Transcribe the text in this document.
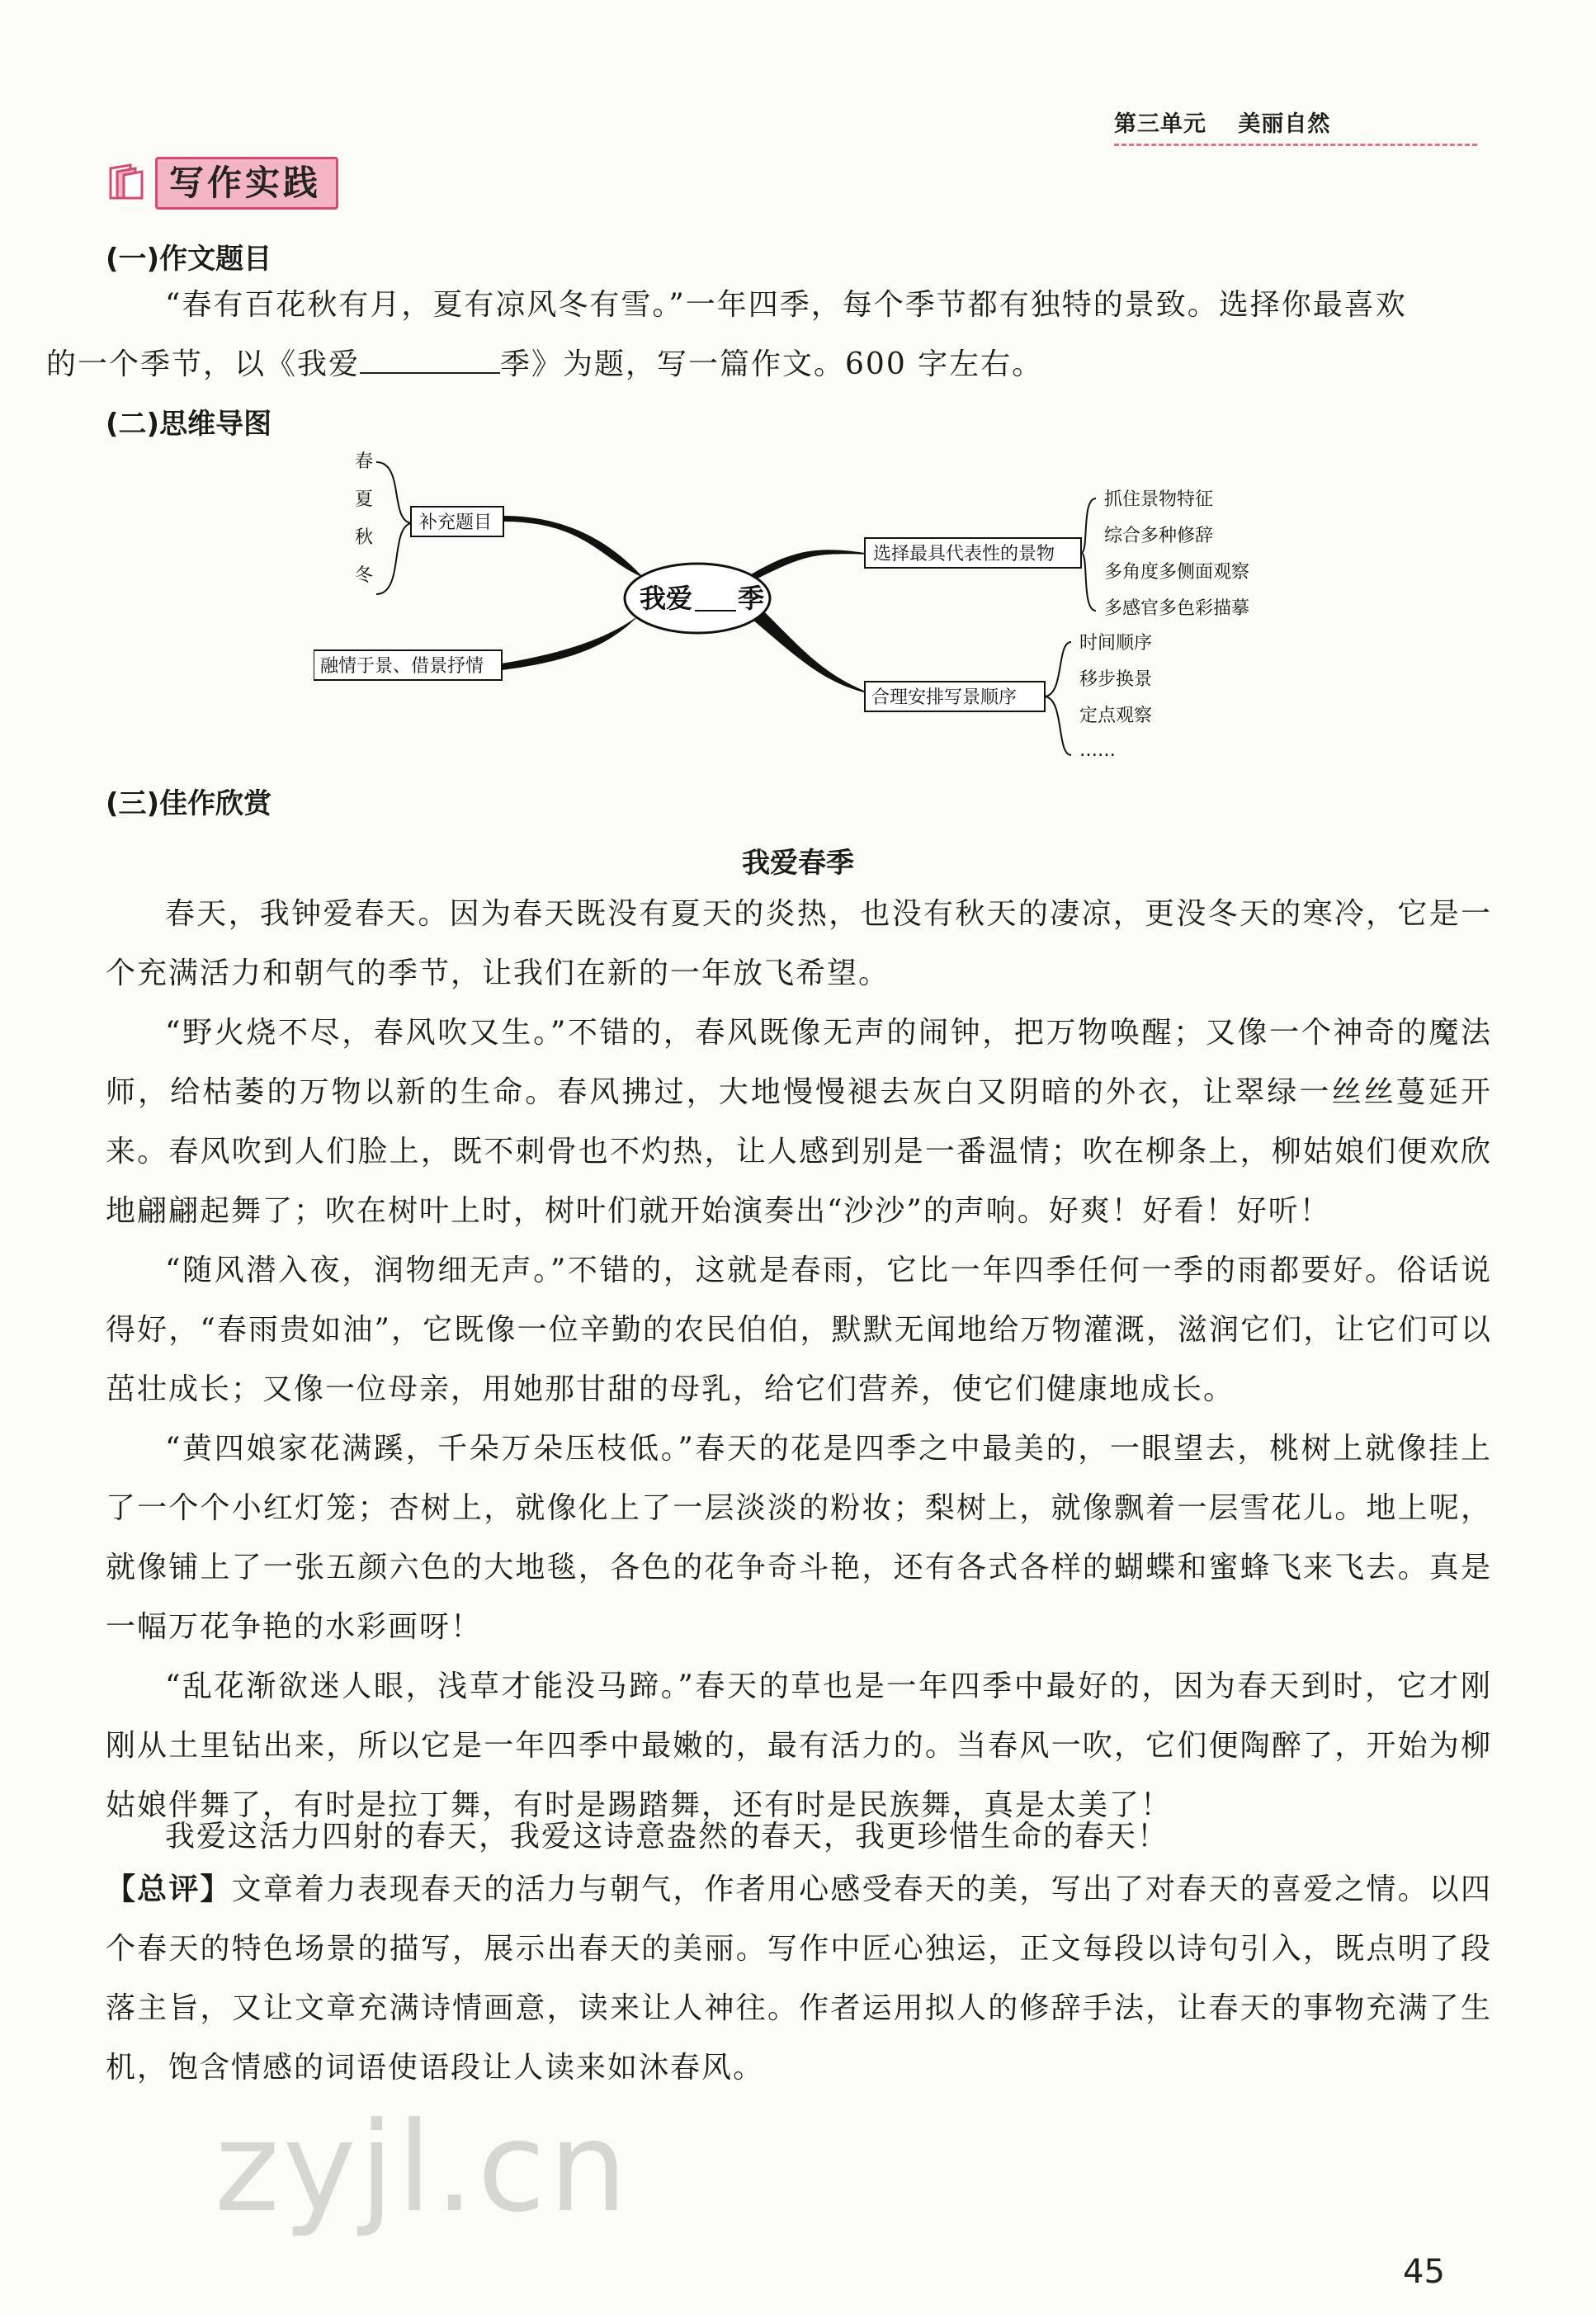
第三单元 美丽自然
写作实践
(一)作文题目
“春有百花秋有月，夏有凉风冬有雪。”一年四季，每个季节都有独特的景致。选择你最喜欢
的一个季节，以《我爱	季》为题，写一篇作文。600 字左右。
(二)思维导图
我爱 季
春
夏
秋
冬
补充题目
融情于景、借景抒情
选择最具代表性的景物
抓住景物特征
综合多种修辞
多角度多侧面观察
多感官多色彩描摹
合理安排写景顺序
时间顺序
移步换景
定点观察
……
(三)佳作欣赏
我爱春季
春天，我钟爱春天。因为春天既没有夏天的炎热，也没有秋天的凄凉，更没冬天的寒冷，它是一个充满活力和朝气的季节，让我们在新的一年放飞希望。
“野火烧不尽，春风吹又生。”不错的，春风既像无声的闹钟，把万物唤醒；又像一个神奇的魔法师，给枯萎的万物以新的生命。春风拂过，大地慢慢褪去灰白又阴暗的外衣，让翠绿一丝丝蔓延开来。春风吹到人们脸上，既不刺骨也不灼热，让人感到别是一番温情；吹在柳条上，柳姑娘们便欢欣地翩翩起舞了；吹在树叶上时，树叶们就开始演奏出“沙沙”的声响。好爽！好看！好听！
“随风潜入夜，润物细无声。”不错的，这就是春雨，它比一年四季任何一季的雨都要好。俗话说得好，“春雨贵如油”，它既像一位辛勤的农民伯伯，默默无闻地给万物灌溉，滋润它们，让它们可以茁壮成长；又像一位母亲，用她那甘甜的母乳，给它们营养，使它们健康地成长。
“黄四娘家花满蹊，千朵万朵压枝低。”春天的花是四季之中最美的，一眼望去，桃树上就像挂上了一个个小红灯笼；杏树上，就像化上了一层淡淡的粉妆；梨树上，就像飘着一层雪花儿。地上呢，就像铺上了一张五颜六色的大地毯，各色的花争奇斗艳，还有各式各样的蝴蝶和蜜蜂飞来飞去。真是一幅万花争艳的水彩画呀！
“乱花渐欲迷人眼，浅草才能没马蹄。”春天的草也是一年四季中最好的，因为春天到时，它才刚刚从土里钻出来，所以它是一年四季中最嫩的，最有活力的。当春风一吹，它们便陶醉了，开始为柳姑娘伴舞了，有时是拉丁舞，有时是踢踏舞，还有时是民族舞，真是太美了！
我爱这活力四射的春天，我爱这诗意盎然的春天，我更珍惜生命的春天！
【总评】文章着力表现春天的活力与朝气，作者用心感受春天的美，写出了对春天的喜爱之情。以四个春天的特色场景的描写，展示出春天的美丽。写作中匠心独运，正文每段以诗句引入，既点明了段落主旨，又让文章充满诗情画意，读来让人神往。作者运用拟人的修辞手法，让春天的事物充满了生机，饱含情感的词语使语段让人读来如沐春风。
zyjl.cn
45
